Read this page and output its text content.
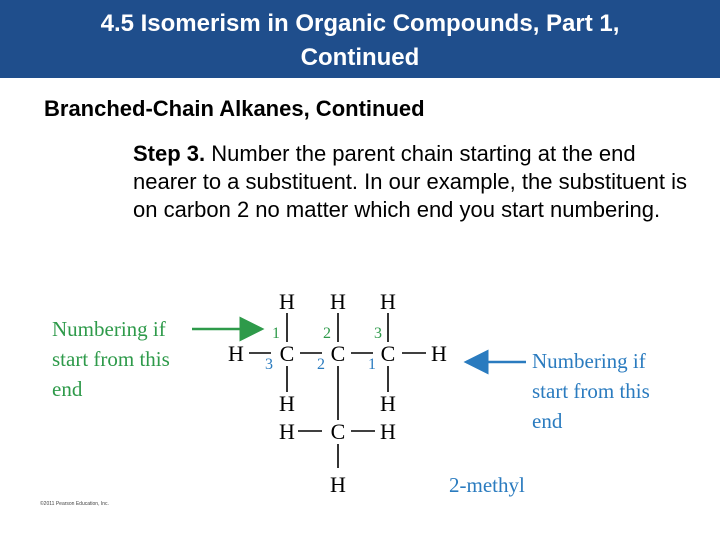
4.5 Isomerism in Organic Compounds, Part 1,
Continued
Branched-Chain Alkanes, Continued
Step 3. Number the parent chain starting at the end nearer to a substituent. In our example, the substituent is on carbon 2 no matter which end you start numbering.
Numbering if
start from this
end
Numbering if
start from this
end
H H H
H C C C H
H	H
H C H
H
1	2	3
3	2	1
2-methyl
©2011 Pearson Education, Inc.
